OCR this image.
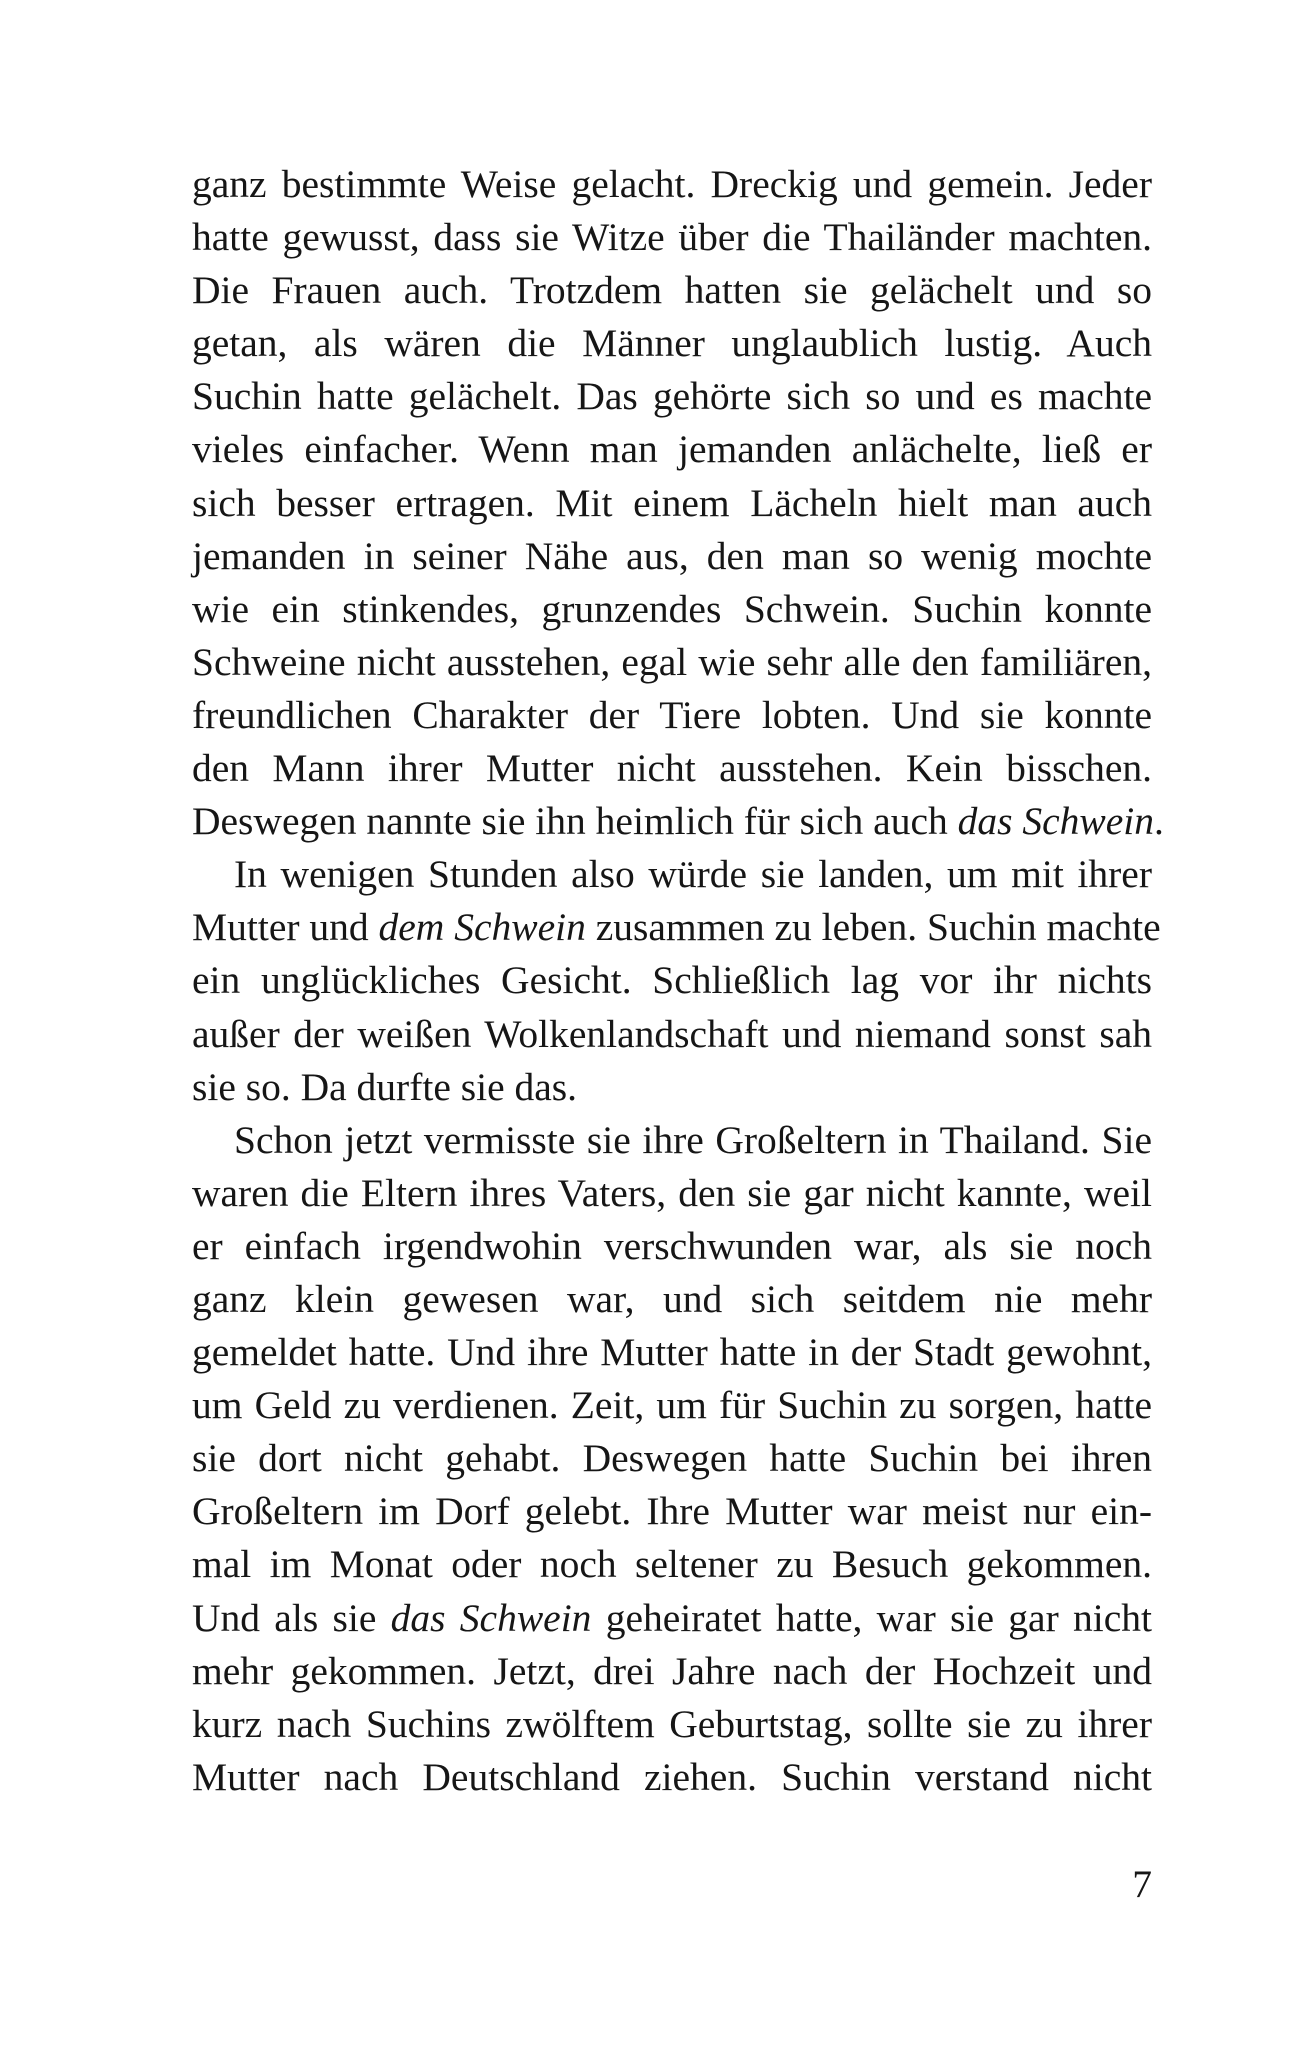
ganz bestimmte Weise gelacht. Dreckig und gemein. Jeder
hatte gewusst, dass sie Witze über die Thailänder machten.
Die Frauen auch. Trotzdem hatten sie gelächelt und so
getan, als wären die Männer unglaublich lustig. Auch
Suchin hatte gelächelt. Das gehörte sich so und es machte
vieles einfacher. Wenn man jemanden anlächelte, ließ er
sich besser ertragen. Mit einem Lächeln hielt man auch
jemanden in seiner Nähe aus, den man so wenig mochte
wie ein stinkendes, grunzendes Schwein. Suchin konnte
Schweine nicht ausstehen, egal wie sehr alle den familiären,
freundlichen Charakter der Tiere lobten. Und sie konnte
den Mann ihrer Mutter nicht ausstehen. Kein bisschen.
Deswegen nannte sie ihn heimlich für sich auch das Schwein.
In wenigen Stunden also würde sie landen, um mit ihrer
Mutter und dem Schwein zusammen zu leben. Suchin machte
ein unglückliches Gesicht. Schließlich lag vor ihr nichts
außer der weißen Wolkenlandschaft und niemand sonst sah
sie so. Da durfte sie das.
Schon jetzt vermisste sie ihre Großeltern in Thailand. Sie
waren die Eltern ihres Vaters, den sie gar nicht kannte, weil
er einfach irgendwohin verschwunden war, als sie noch
ganz klein gewesen war, und sich seitdem nie mehr
gemeldet hatte. Und ihre Mutter hatte in der Stadt gewohnt,
um Geld zu verdienen. Zeit, um für Suchin zu sorgen, hatte
sie dort nicht gehabt. Deswegen hatte Suchin bei ihren
Großeltern im Dorf gelebt. Ihre Mutter war meist nur ein-
mal im Monat oder noch seltener zu Besuch gekommen.
Und als sie das Schwein geheiratet hatte, war sie gar nicht
mehr gekommen. Jetzt, drei Jahre nach der Hochzeit und
kurz nach Suchins zwölftem Geburtstag, sollte sie zu ihrer
Mutter nach Deutschland ziehen. Suchin verstand nicht
7
